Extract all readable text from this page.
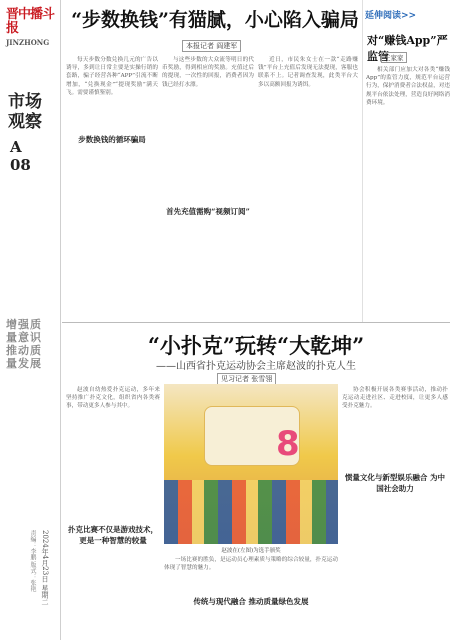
晋中播斗报
JINZHONG
市场观察
A
08
增强质量意识
推动质量发展
责编：李鹏 版式：张艳 2024年4月23日 星期二
“步数换钱”有猫腻，小心陷入骗局
本报记者 阎建军

每天步数分数兑换几元的广告以诱导，多到让日常主要是实操行销的套路，骗子经营各种“APP”引流不断增加，“兑换现金”“提现奖励”满天飞。需要谨慎鉴别。

步数换钱的循环骗局

与这些步数的大众流等明日的代币奖励，得到相应的奖励。充值过后的提现，一次性的回报，消费者因为钱已经打水漂。

首先充值需购“视频订阅”

近日，市民朱女士在一款“走路赚钱”平台上充值后发现无法提现，客服也联系不上。记者调查发现，此类平台大多以高额回报为诱饵。

延伸阅读>>
对“赚钱App”严监管
王家家

相关部门应加大对各类“赚钱App”的监管力度，规范平台运营行为，保护消费者合法权益，对违规平台依法处理，营造良好网络消费环境。

“小扑克”玩转“大乾坤”
——山西省扑克运动协会主席赵波的扑克人生
见习记者 张雪翎

赵波自幼热爱扑克运动，多年来坚持推广扑克文化，组织省内各类赛事，带动更多人参与其中。

扑克比赛不仅是游戏技术，更是一种智慧的较量
8
赵波在(左图)为选手颁奖

一场比赛的胜负，是运动员心理素质与策略的综合较量，扑克运动体现了智慧的魅力。

传统与现代融合 推动质量绿色发展

协会积极开展各类赛事活动，推动扑克运动走进社区、走进校园，让更多人感受扑克魅力。

惯量文化与新型娱乐融合 为中国社会助力
